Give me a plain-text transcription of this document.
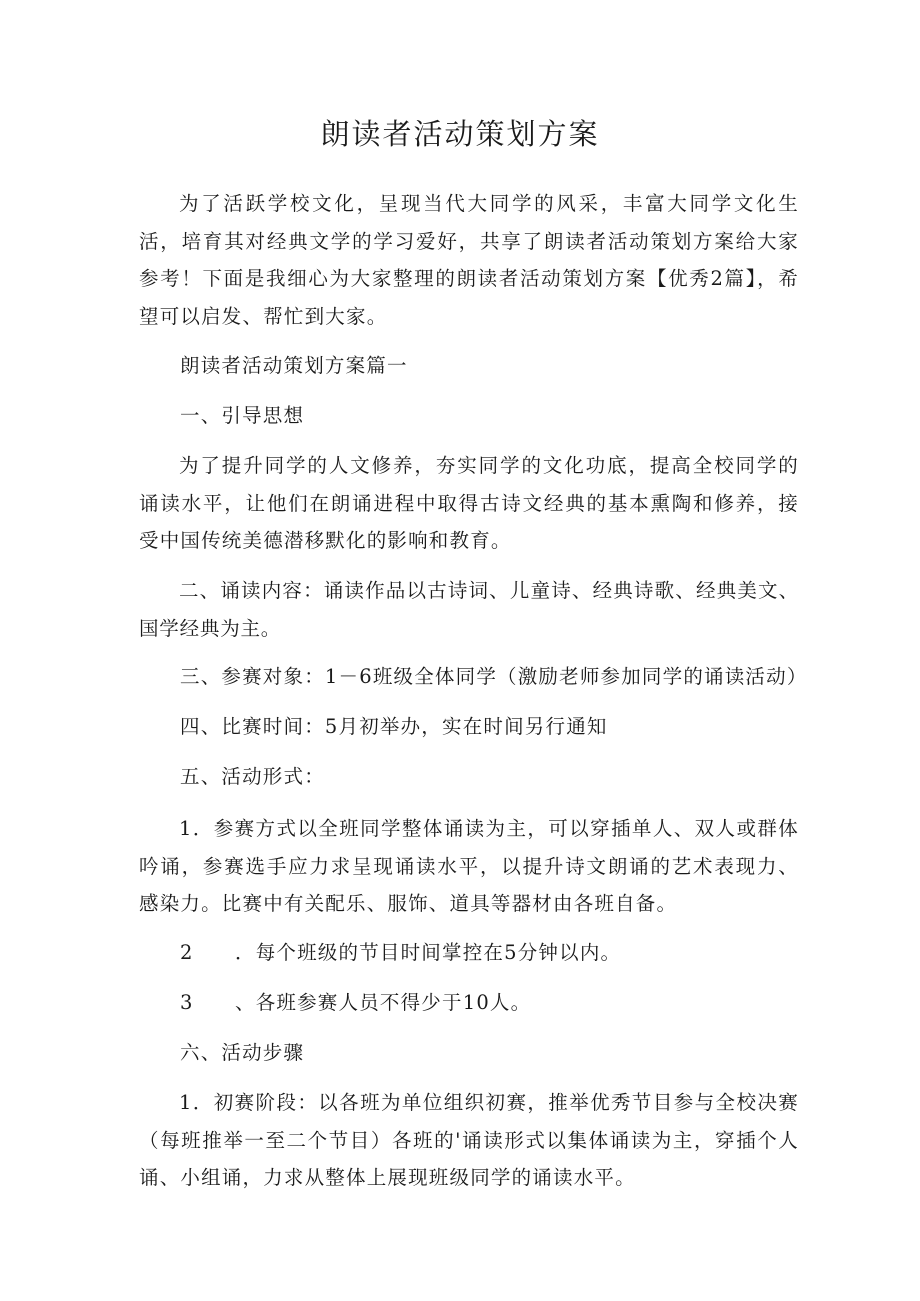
朗读者活动策划方案

为了活跃学校文化，呈现当代大同学的风采，丰富大同学文化生活，培育其对经典文学的学习爱好，共享了朗读者活动策划方案给大家参考！下面是我细心为大家整理的朗读者活动策划方案【优秀2篇】，希望可以启发、帮忙到大家。

朗读者活动策划方案篇一

一、引导思想

为了提升同学的人文修养，夯实同学的文化功底，提高全校同学的诵读水平，让他们在朗诵进程中取得古诗文经典的基本熏陶和修养，接受中国传统美德潜移默化的影响和教育。

二、诵读内容：诵读作品以古诗词、儿童诗、经典诗歌、经典美文、国学经典为主。

三、参赛对象：1－6班级全体同学（激励老师参加同学的诵读活动）

四、比赛时间：5月初举办，实在时间另行通知

五、活动形式：

1．参赛方式以全班同学整体诵读为主，可以穿插单人、双人或群体吟诵，参赛选手应力求呈现诵读水平，以提升诗文朗诵的艺术表现力、感染力。比赛中有关配乐、服饰、道具等器材由各班自备。

2　　．每个班级的节目时间掌控在5分钟以内。

3　　、各班参赛人员不得少于10人。

六、活动步骤

1．初赛阶段：以各班为单位组织初赛，推举优秀节目参与全校决赛（每班推举一至二个节目）各班的'诵读形式以集体诵读为主，穿插个人诵、小组诵，力求从整体上展现班级同学的诵读水平。
